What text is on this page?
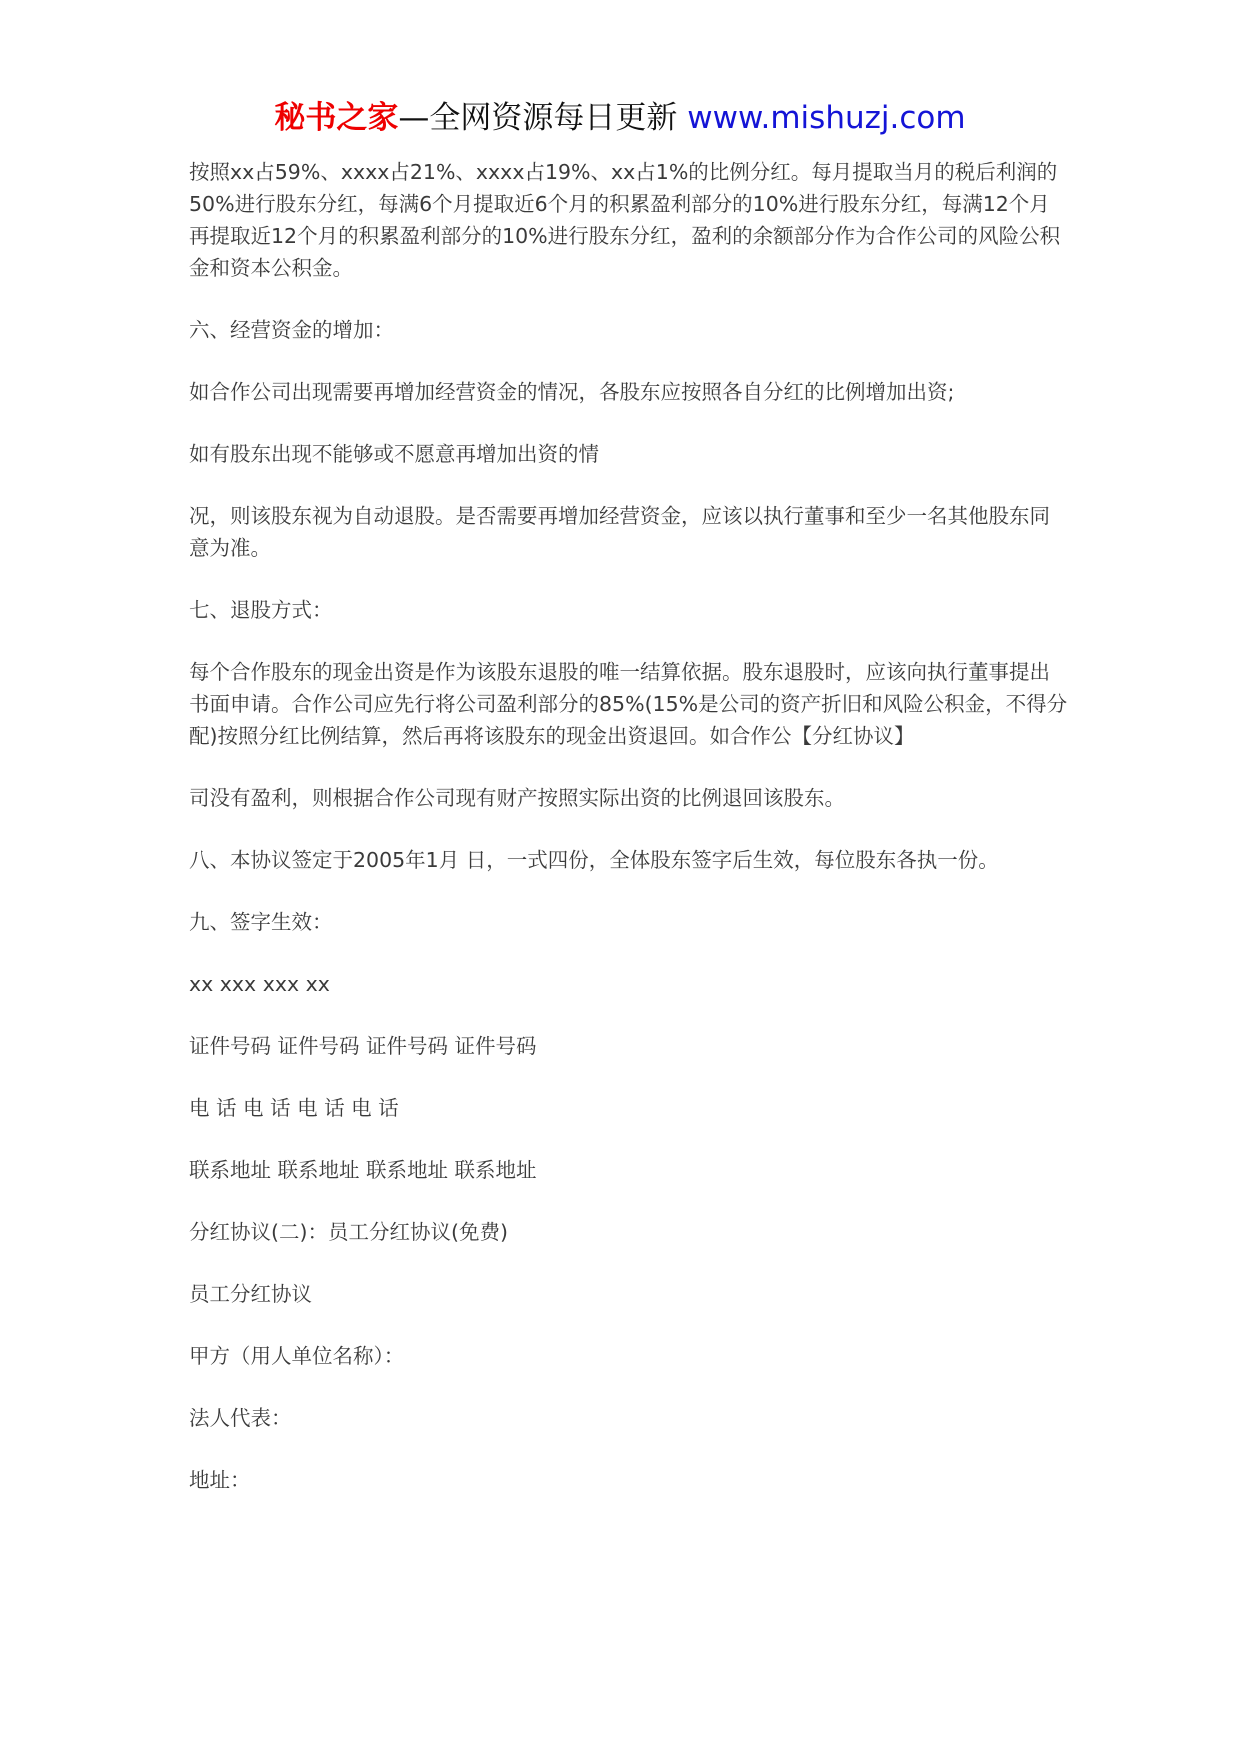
秘书之家—全网资源每日更新 www.mishuzj.com

按照xx占59%、xxxx占21%、xxxx占19%、xx占1%的比例分红。每月提取当月的税后利润的50%进行股东分红，每满6个月提取近6个月的积累盈利部分的10%进行股东分红，每满12个月再提取近12个月的积累盈利部分的10%进行股东分红，盈利的余额部分作为合作公司的风险公积金和资本公积金。

六、经营资金的增加：

如合作公司出现需要再增加经营资金的情况，各股东应按照各自分红的比例增加出资;

如有股东出现不能够或不愿意再增加出资的情

况，则该股东视为自动退股。是否需要再增加经营资金，应该以执行董事和至少一名其他股东同意为准。

七、退股方式：

每个合作股东的现金出资是作为该股东退股的唯一结算依据。股东退股时，应该向执行董事提出书面申请。合作公司应先行将公司盈利部分的85%(15%是公司的资产折旧和风险公积金，不得分配)按照分红比例结算，然后再将该股东的现金出资退回。如合作公【分红协议】

司没有盈利，则根据合作公司现有财产按照实际出资的比例退回该股东。

八、本协议签定于2005年1月 日，一式四份，全体股东签字后生效，每位股东各执一份。

九、签字生效：

xx xxx xxx xx

证件号码 证件号码 证件号码 证件号码

电 话 电 话 电 话 电 话

联系地址 联系地址 联系地址 联系地址

分红协议(二)：员工分红协议(免费)

员工分红协议

甲方（用人单位名称）：

法人代表：

地址：
